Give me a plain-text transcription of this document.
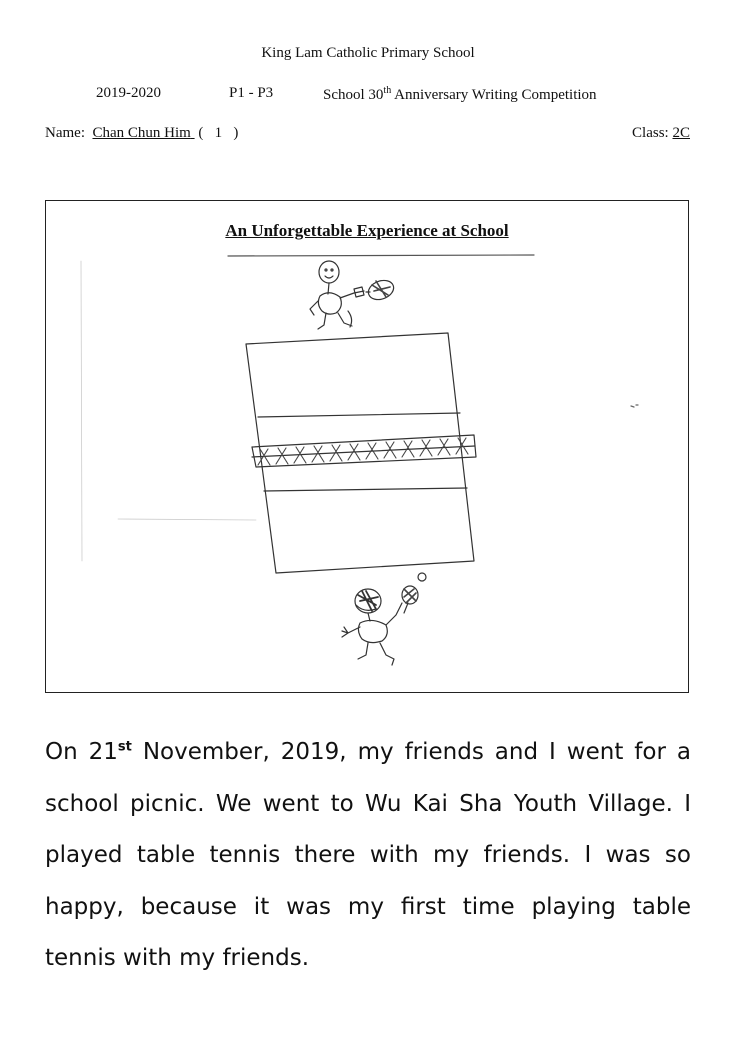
King Lam Catholic Primary School
2019-2020	P1 - P3	School 30th Anniversary Writing Competition
Name: Chan Chun Him ( 1 )	Class: 2C
An Unforgettable Experience at School

On 21st November, 2019, my friends and I went for a school picnic. We went to Wu Kai Sha Youth Village. I played table tennis there with my friends. I was so happy, because it was my first time playing table tennis with my friends.
